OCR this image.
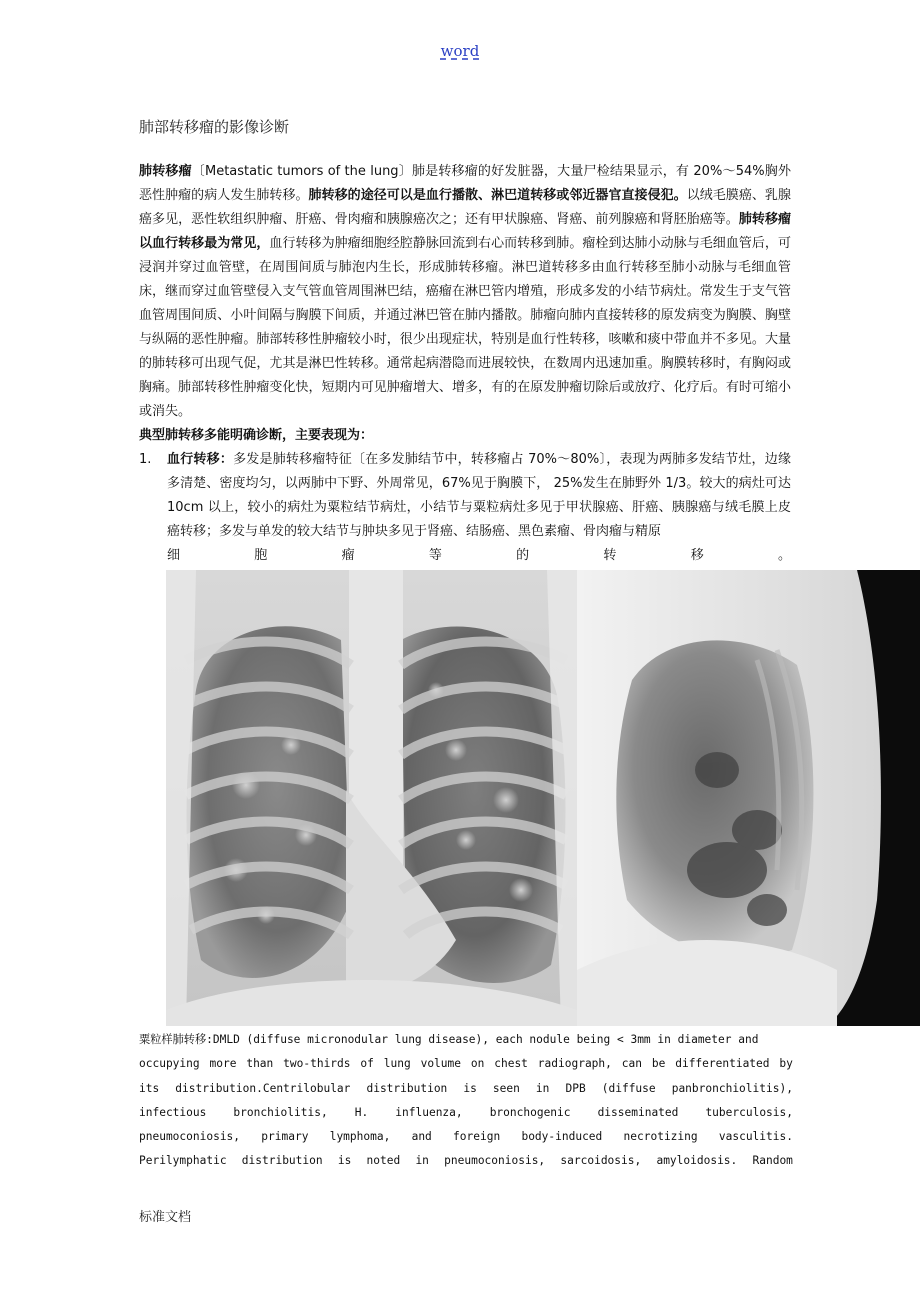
word
肺部转移瘤的影像诊断

肺转移瘤〔Metastatic tumors of the lung〕肺是转移瘤的好发脏器，大量尸检结果显示，有 20%～54%胸外恶性肿瘤的病人发生肺转移。肺转移的途径可以是血行播散、淋巴道转移或邻近器官直接侵犯。以绒毛膜癌、乳腺癌多见，恶性软组织肿瘤、肝癌、骨肉瘤和胰腺癌次之；还有甲状腺癌、肾癌、前列腺癌和肾胚胎癌等。肺转移瘤以血行转移最为常见，血行转移为肿瘤细胞经腔静脉回流到右心而转移到肺。瘤栓到达肺小动脉与毛细血管后，可浸润并穿过血管壁，在周围间质与肺泡内生长，形成肺转移瘤。淋巴道转移多由血行转移至肺小动脉与毛细血管床，继而穿过血管壁侵入支气管血管周围淋巴结，癌瘤在淋巴管内增殖，形成多发的小结节病灶。常发生于支气管血管周围间质、小叶间隔与胸膜下间质，并通过淋巴管在肺内播散。肺瘤向肺内直接转移的原发病变为胸膜、胸壁与纵隔的恶性肿瘤。肺部转移性肿瘤较小时，很少出现症状，特别是血行性转移，咳嗽和痰中带血并不多见。大量的肺转移可出现气促，尤其是淋巴性转移。通常起病潜隐而进展较快，在数周内迅速加重。胸膜转移时，有胸闷或胸痛。肺部转移性肿瘤变化快，短期内可见肿瘤增大、增多，有的在原发肿瘤切除后或放疗、化疗后。有时可缩小或消失。

典型肺转移多能明确诊断，主要表现为：

1. 血行转移：多发是肺转移瘤特征〔在多发肺结节中，转移瘤占 70%～80%〕，表现为两肺多发结节灶，边缘多清楚、密度均匀，以两肺中下野、外周常见，67%见于胸膜下， 25%发生在肺野外 1/3。较大的病灶可达 10cm 以上，较小的病灶为粟粒结节病灶，小结节与粟粒病灶多见于甲状腺癌、肝癌、胰腺癌与绒毛膜上皮癌转移；多发与单发的较大结节与肿块多见于肾癌、结肠癌、黑色素瘤、骨肉瘤与精原

细	胞	瘤	等	的	转	移	。
粟粒样肺转移:DMLD (diffuse micronodular lung disease), each nodule being < 3mm in diameter and
occupying more than two-thirds of lung volume on chest radiograph, can be differentiated by
its distribution.Centrilobular distribution is seen in DPB (diffuse panbronchiolitis),
infectious bronchiolitis, H. influenza, bronchogenic disseminated tuberculosis,
pneumoconiosis, primary lymphoma, and foreign body-induced necrotizing vasculitis.
Perilymphatic distribution is noted in pneumoconiosis, sarcoidosis, amyloidosis. Random
标准文档
